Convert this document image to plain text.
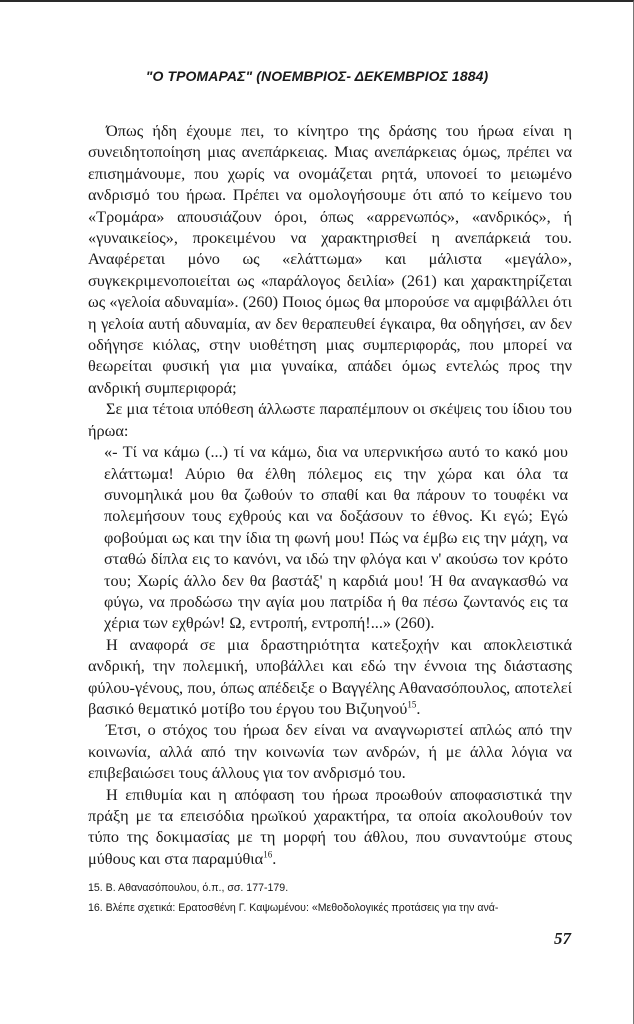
"Ο ΤΡΟΜΑΡΑΣ" (ΝΟΕΜΒΡΙΟΣ- ΔΕΚΕΜΒΡΙΟΣ 1884)

Όπως ήδη έχουμε πει, το κίνητρο της δράσης του ήρωα είναι η συνειδητοποίηση μιας ανεπάρκειας. Μιας ανεπάρκειας όμως, πρέπει να επισημάνουμε, που χωρίς να ονομάζεται ρητά, υπονοεί το μειωμένο ανδρισμό του ήρωα. Πρέπει να ομολογήσουμε ότι από το κείμενο του «Τρομάρα» απουσιάζουν όροι, όπως «αρρενωπός», «ανδρικός», ή «γυναικείος», προκειμένου να χαρακτηρισθεί η ανεπάρκειά του. Αναφέρεται μόνο ως «ελάττωμα» και μάλιστα «μεγάλο», συγκεκριμενοποιείται ως «παράλογος δειλία» (261) και χαρακτηρίζεται ως «γελοία αδυναμία». (260) Ποιος όμως θα μπορούσε να αμφιβάλλει ότι η γελοία αυτή αδυναμία, αν δεν θεραπευθεί έγκαιρα, θα οδηγήσει, αν δεν οδήγησε κιόλας, στην υιοθέτηση μιας συμπεριφοράς, που μπορεί να θεωρείται φυσική για μια γυναίκα, απάδει όμως εντελώς προς την ανδρική συμπεριφορά;

Σε μια τέτοια υπόθεση άλλωστε παραπέμπουν οι σκέψεις του ίδιου του ήρωα:

«- Τί να κάμω (...) τί να κάμω, δια να υπερνικήσω αυτό το κακό μου ελάττωμα! Αύριο θα έλθη πόλεμος εις την χώρα και όλα τα συνομηλικά μου θα ζωθούν το σπαθί και θα πάρουν το τουφέκι να πολεμήσουν τους εχθρούς και να δοξάσουν το έθνος. Κι εγώ; Εγώ φοβούμαι ως και την ίδια τη φωνή μου! Πώς να έμβω εις την μάχη, να σταθώ δίπλα εις το κανόνι, να ιδώ την φλόγα και ν' ακούσω τον κρότο του; Χωρίς άλλο δεν θα βαστάξ' η καρδιά μου! Ή θα αναγκασθώ να φύγω, να προδώσω την αγία μου πατρίδα ή θα πέσω ζωντανός εις τα χέρια των εχθρών! Ω, εντροπή, εντροπή!...» (260).

Η αναφορά σε μια δραστηριότητα κατεξοχήν και αποκλειστικά ανδρική, την πολεμική, υποβάλλει και εδώ την έννοια της διάστασης φύλου-γένους, που, όπως απέδειξε ο Βαγγέλης Αθανασόπουλος, αποτελεί βασικό θεματικό μοτίβο του έργου του Βιζυηνού$^{15}$.

Έτσι, ο στόχος του ήρωα δεν είναι να αναγνωριστεί απλώς από την κοινωνία, αλλά από την κοινωνία των ανδρών, ή με άλλα λόγια να επιβεβαιώσει τους άλλους για τον ανδρισμό του.

Η επιθυμία και η απόφαση του ήρωα προωθούν αποφασιστικά την πράξη με τα επεισόδια ηρωϊκού χαρακτήρα, τα οποία ακολουθούν τον τύπο της δοκιμασίας με τη μορφή του άθλου, που συναντούμε στους μύθους και στα παραμύθια$^{16}$.

15. Β. Αθανασόπουλου, ό.π., σσ. 177-179.
16. Βλέπε σχετικά: Ερατοσθένη Γ. Καψωμένου: «Μεθοδολογικές προτάσεις για την ανά-
57
